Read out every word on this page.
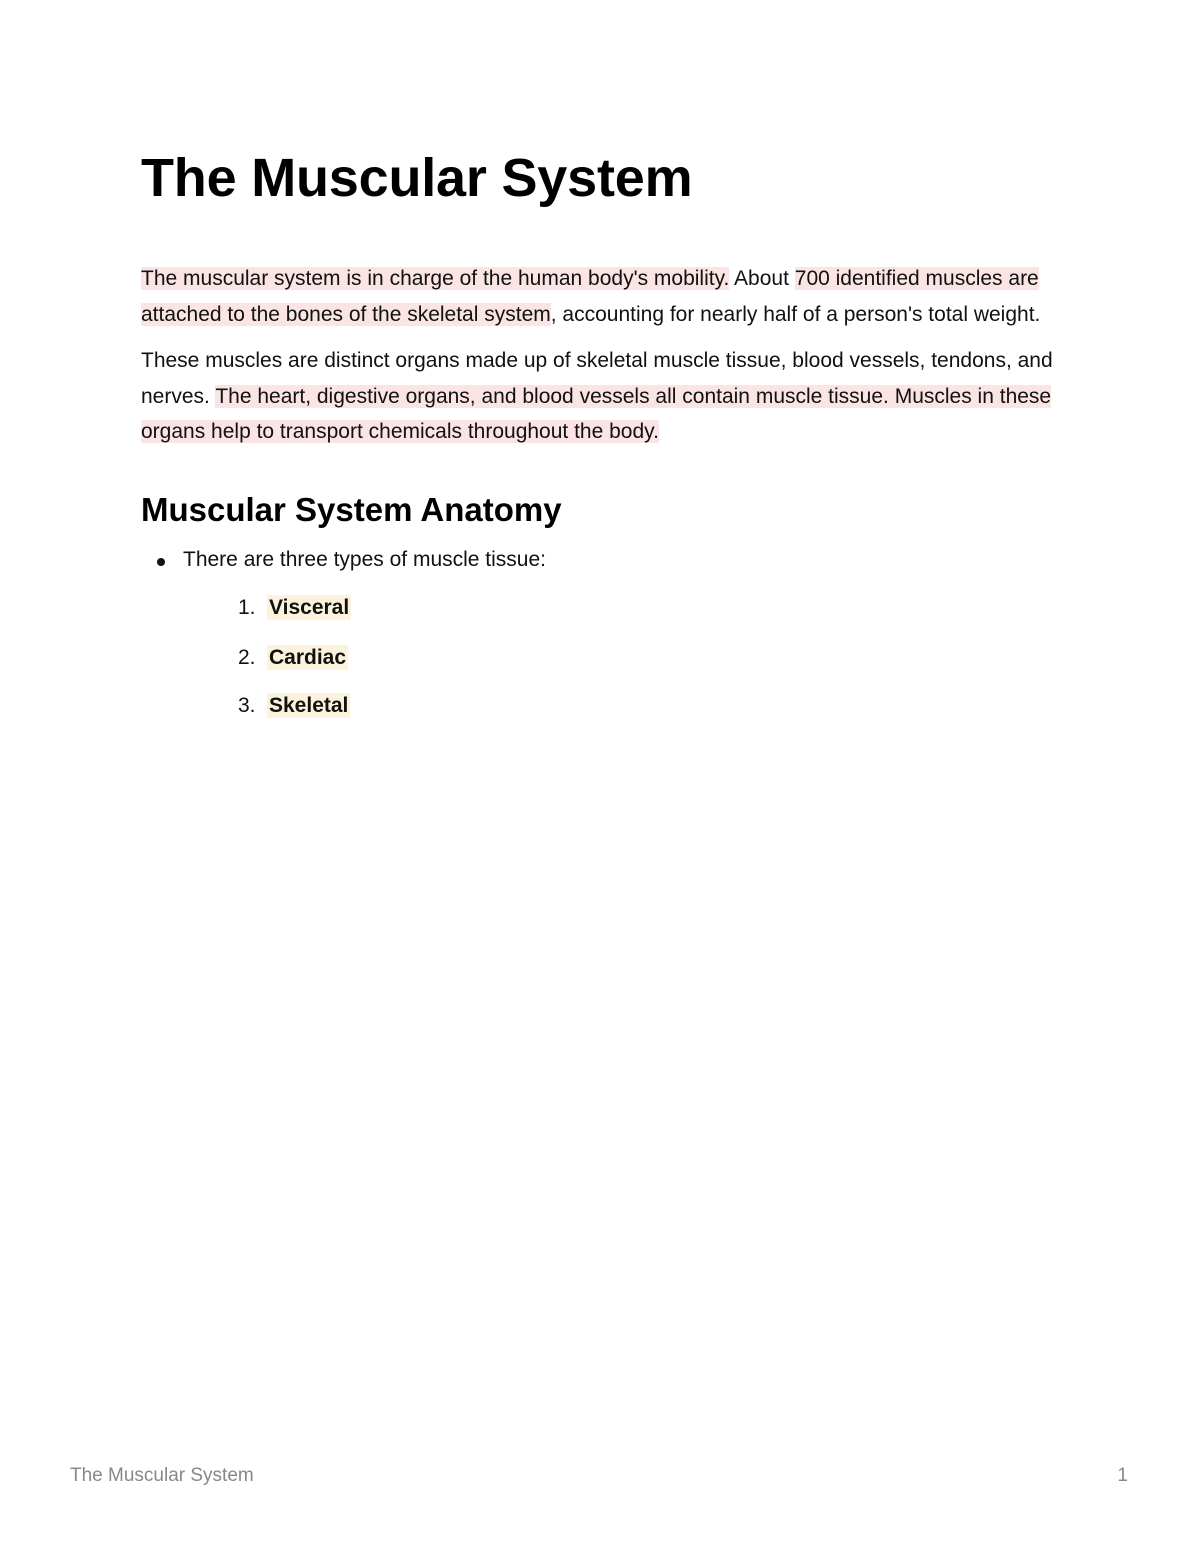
The Muscular System

The muscular system is in charge of the human body's mobility. About 700 identified muscles are attached to the bones of the skeletal system, accounting for nearly half of a person's total weight.

These muscles are distinct organs made up of skeletal muscle tissue, blood vessels, tendons, and nerves. The heart, digestive organs, and blood vessels all contain muscle tissue. Muscles in these organs help to transport chemicals throughout the body.

Muscular System Anatomy
There are three types of muscle tissue:
1. Visceral
2. Cardiac
3. Skeletal
The Muscular System	1
